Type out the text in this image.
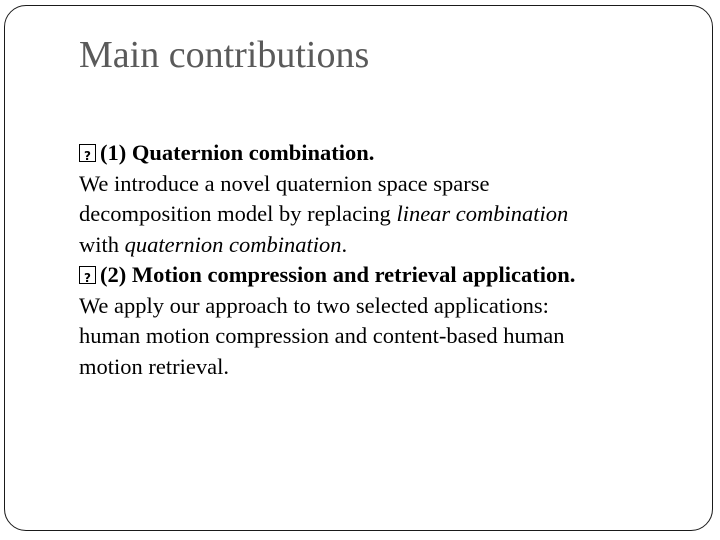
Main contributions
?(1) Quaternion combination.
We introduce a novel quaternion space sparse
decomposition model by replacing linear combination
with quaternion combination.
?(2) Motion compression and retrieval application.
We apply our approach to two selected applications:
human motion compression and content-based human
motion retrieval.
